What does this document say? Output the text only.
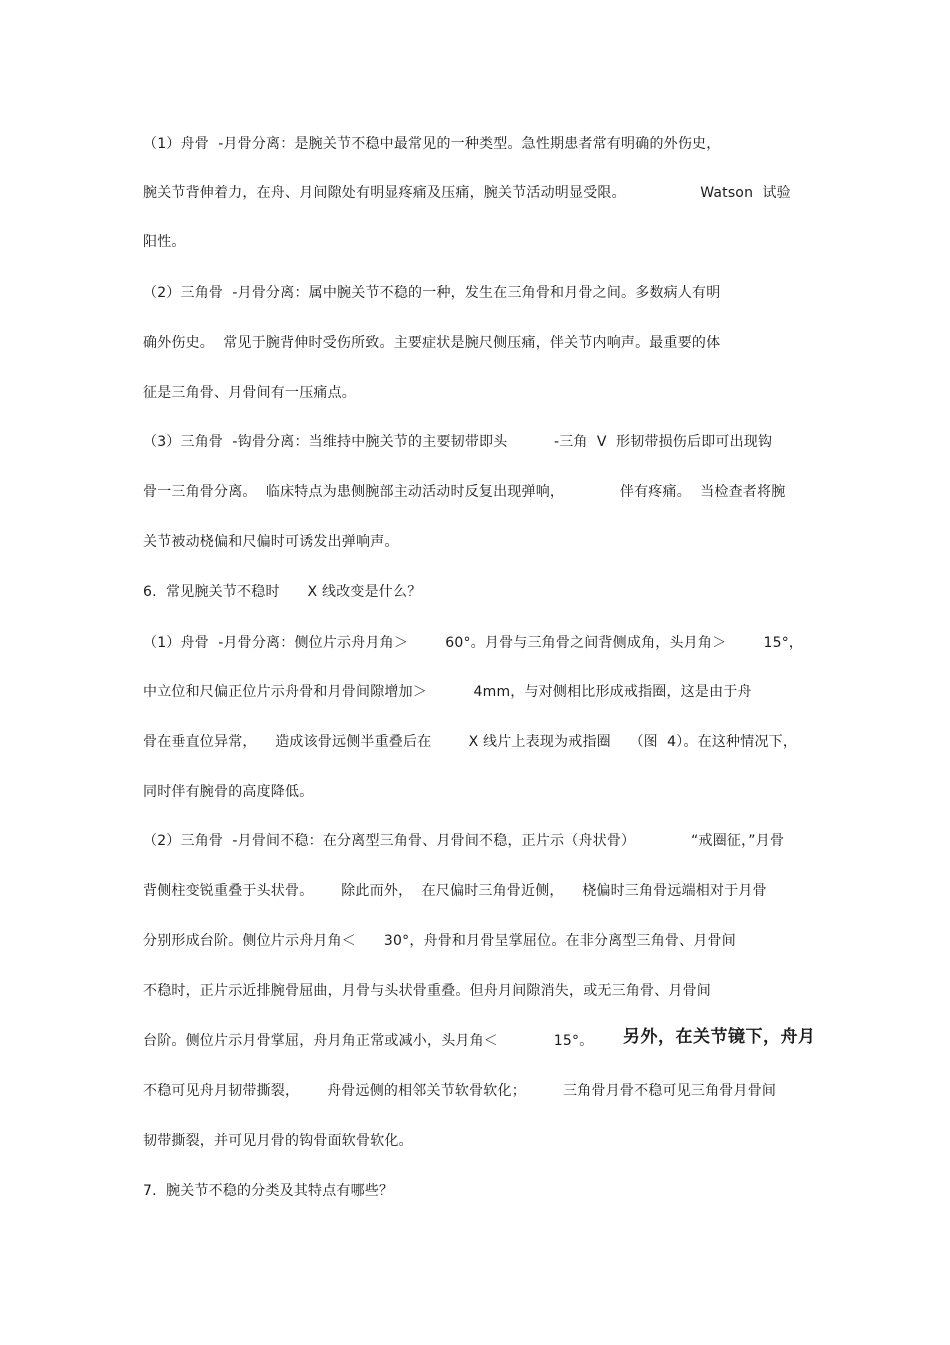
（1）舟骨  -月骨分离：是腕关节不稳中最常见的一种类型。急性期患者常有明确的外伤史，
腕关节背伸着力，在舟、月间隙处有明显疼痛及压痛，腕关节活动明显受限。                Watson  试验
阳性。
（2）三角骨  -月骨分离：属中腕关节不稳的一种，发生在三角骨和月骨之间。多数病人有明
确外伤史。  常见于腕背伸时受伤所致。主要症状是腕尺侧压痛，伴关节内响声。最重要的体
征是三角骨、月骨间有一压痛点。
（3）三角骨  -钩骨分离：当维持中腕关节的主要韧带即头          -三角  V  形韧带损伤后即可出现钩
骨一三角骨分离。  临床特点为患侧腕部主动活动时反复出现弹响，            伴有疼痛。  当检查者将腕
关节被动桡偏和尺偏时可诱发出弹响声。
6.  常见腕关节不稳时      X 线改变是什么？
（1）舟骨  -月骨分离：侧位片示舟月角＞        60°。月骨与三角骨之间背侧成角，头月角＞        15°，
中立位和尺偏正位片示舟骨和月骨间隙增加＞          4mm，与对侧相比形成戒指圈，这是由于舟
骨在垂直位异常，    造成该骨远侧半重叠后在        X 线片上表现为戒指圈    （图  4）。在这种情况下，
同时伴有腕骨的高度降低。
（2）三角骨  -月骨间不稳：在分离型三角骨、月骨间不稳，正片示（舟状骨）            “戒圈征，”月骨
背侧柱变锐重叠于头状骨。      除此而外，  在尺偏时三角骨近侧，    桡偏时三角骨远端相对于月骨
分别形成台阶。侧位片示舟月角＜      30°，舟骨和月骨呈掌屈位。在非分离型三角骨、月骨间
不稳时，正片示近排腕骨屈曲，月骨与头状骨重叠。但舟月间隙消失，或无三角骨、月骨间
台阶。侧位片示月骨掌屈，舟月角正常或减小，头月角＜            15°。 另外，在关节镜下，舟月
不稳可见舟月韧带撕裂，      舟骨远侧的相邻关节软骨软化；        三角骨月骨不稳可见三角骨月骨间
韧带撕裂，并可见月骨的钩骨面软骨软化。
7.  腕关节不稳的分类及其特点有哪些？
